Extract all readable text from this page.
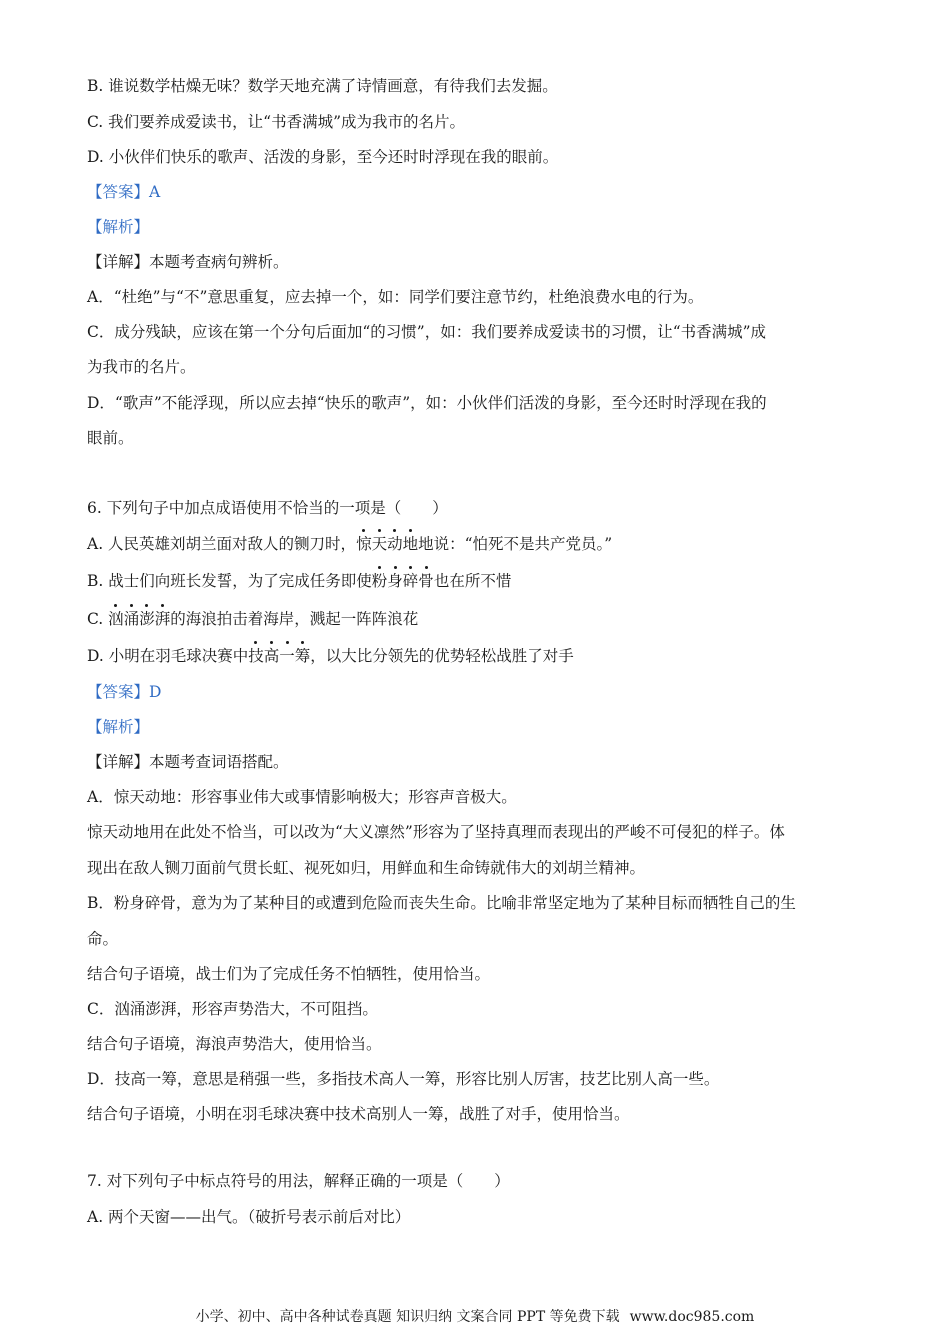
B. 谁说数学枯燥无味？数学天地充满了诗情画意，有待我们去发掘。
C. 我们要养成爱读书，让“书香满城”成为我市的名片。
D. 小伙伴们快乐的歌声、活泼的身影，至今还时时浮现在我的眼前。
【答案】A
【解析】
【详解】本题考查病句辨析。
A．“杜绝”与“不”意思重复，应去掉一个，如：同学们要注意节约，杜绝浪费水电的行为。
C．成分残缺，应该在第一个分句后面加“的习惯”，如：我们要养成爱读书的习惯，让“书香满城”成
为我市的名片。
D．“歌声”不能浮现，所以应去掉“快乐的歌声”，如：小伙伴们活泼的身影，至今还时时浮现在我的
眼前。
6. 下列句子中加点成语使用不恰当的一项是（　　）
A. 人民英雄刘胡兰面对敌人的铡刀时，惊天动地地说：“怕死不是共产党员。”
B. 战士们向班长发誓，为了完成任务即使粉身碎骨也在所不惜
C. 汹涌澎湃的海浪拍击着海岸，溅起一阵阵浪花
D. 小明在羽毛球决赛中技高一筹，以大比分领先的优势轻松战胜了对手
【答案】D
【解析】
【详解】本题考查词语搭配。
A．惊天动地：形容事业伟大或事情影响极大；形容声音极大。
惊天动地用在此处不恰当，可以改为“大义凛然”形容为了坚持真理而表现出的严峻不可侵犯的样子。体
现出在敌人铡刀面前气贯长虹、视死如归，用鲜血和生命铸就伟大的刘胡兰精神。
B．粉身碎骨，意为为了某种目的或遭到危险而丧失生命。比喻非常坚定地为了某种目标而牺牲自己的生
命。
结合句子语境，战士们为了完成任务不怕牺牲，使用恰当。
C．汹涌澎湃，形容声势浩大，不可阻挡。
结合句子语境，海浪声势浩大，使用恰当。
D．技高一筹，意思是稍强一些，多指技术高人一筹，形容比别人厉害，技艺比别人高一些。
结合句子语境，小明在羽毛球决赛中技术高别人一筹，战胜了对手，使用恰当。
7. 对下列句子中标点符号的用法，解释正确的一项是（　　）
A. 两个天窗——出气。（破折号表示前后对比）
小学、初中、高中各种试卷真题 知识归纳 文案合同 PPT 等免费下载 www.doc985.com
